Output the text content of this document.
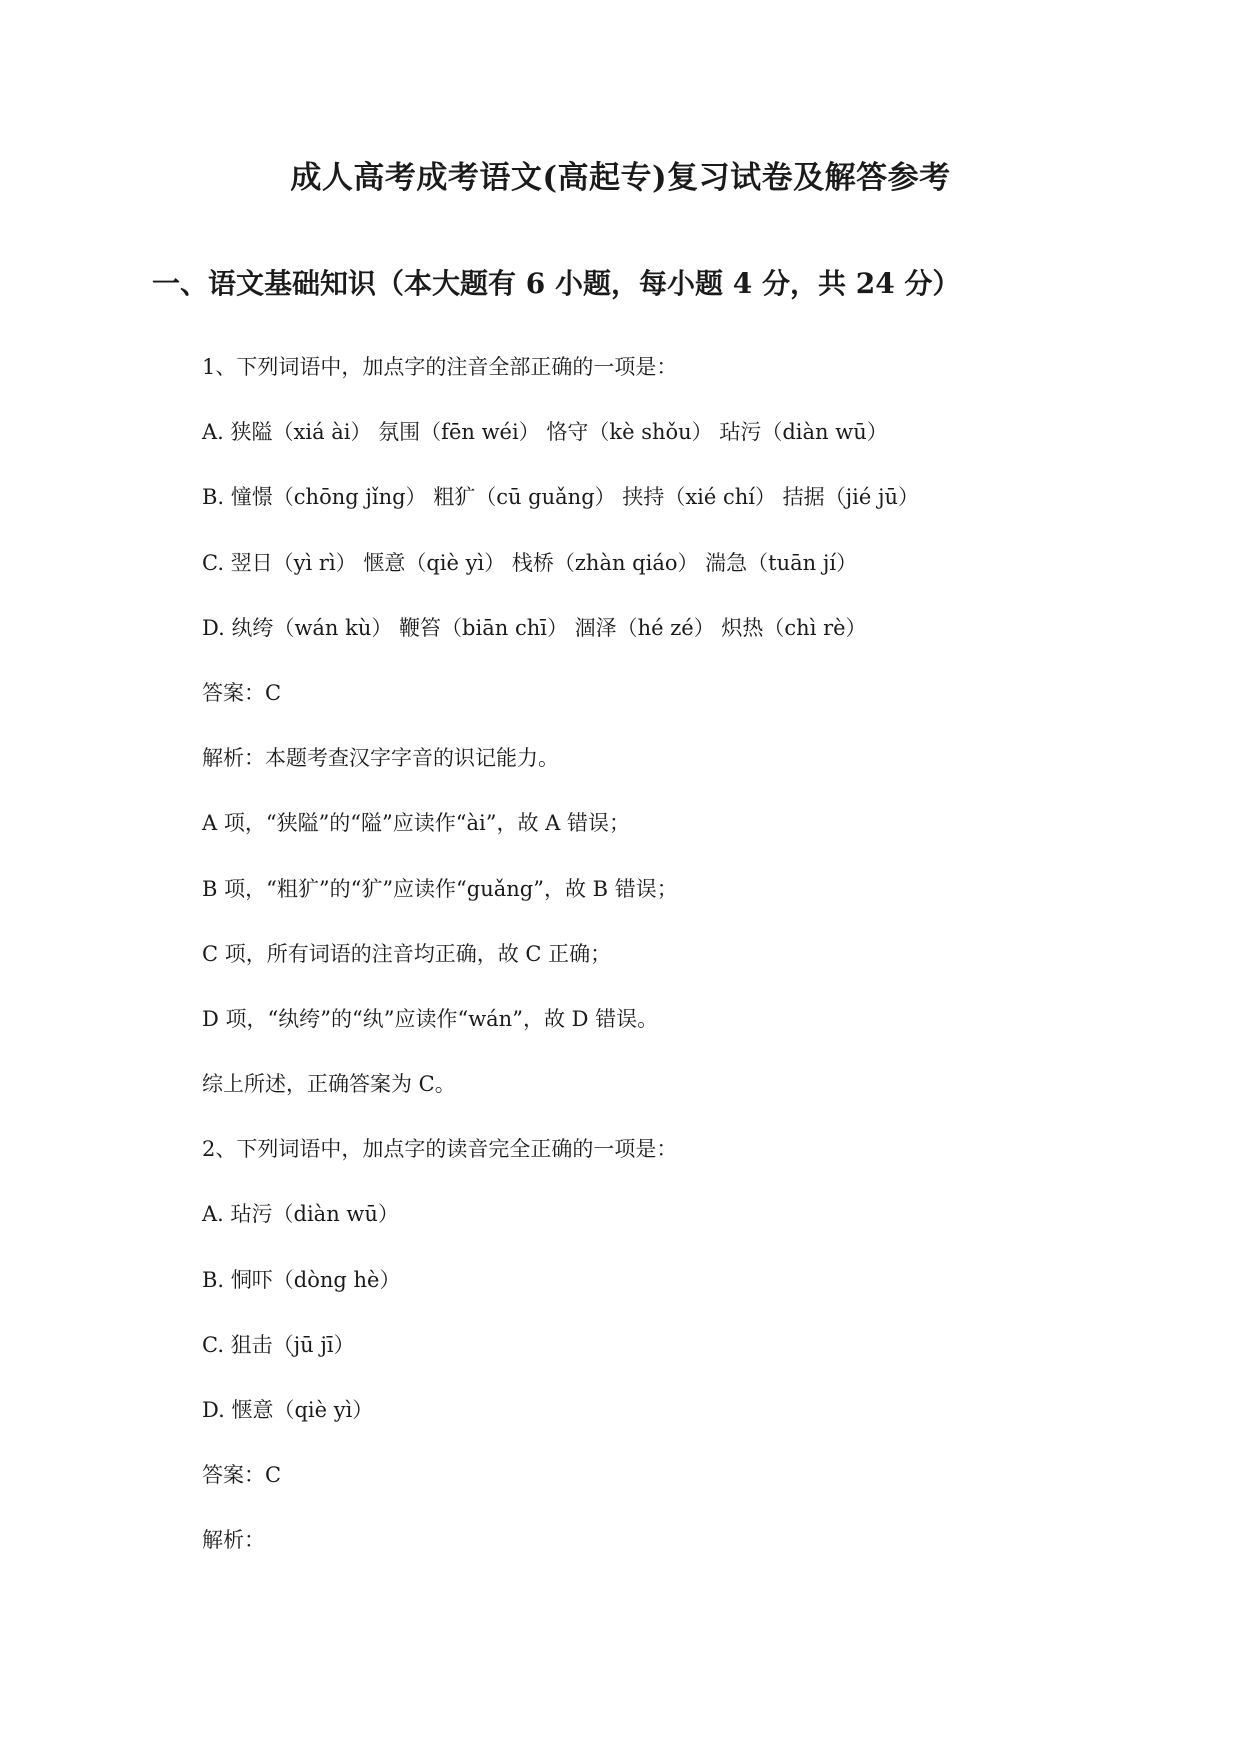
成人高考成考语文(高起专)复习试卷及解答参考
一、语文基础知识（本大题有 6 小题，每小题 4 分，共 24 分）
1、下列词语中，加点字的注音全部正确的一项是：
A. 狭隘（xiá ài） 氛围（fēn wéi） 恪守（kè shǒu） 玷污（diàn wū）
B. 憧憬（chōng jǐng） 粗犷（cū guǎng） 挟持（xié chí） 拮据（jié jū）
C. 翌日（yì rì） 惬意（qiè yì） 栈桥（zhàn qiáo） 湍急（tuān jí）
D. 纨绔（wán kù） 鞭笞（biān chī） 涸泽（hé zé） 炽热（chì rè）
答案：C
解析：本题考查汉字字音的识记能力。
A 项，“狭隘”的“隘”应读作“ài”，故 A 错误；
B 项，“粗犷”的“犷”应读作“guǎng”，故 B 错误；
C 项，所有词语的注音均正确，故 C 正确；
D 项，“纨绔”的“纨”应读作“wán”，故 D 错误。
综上所述，正确答案为 C。
2、下列词语中，加点字的读音完全正确的一项是：
A. 玷污（diàn wū）
B. 恫吓（dòng hè）
C. 狙击（jū jī）
D. 惬意（qiè yì）
答案：C
解析：
